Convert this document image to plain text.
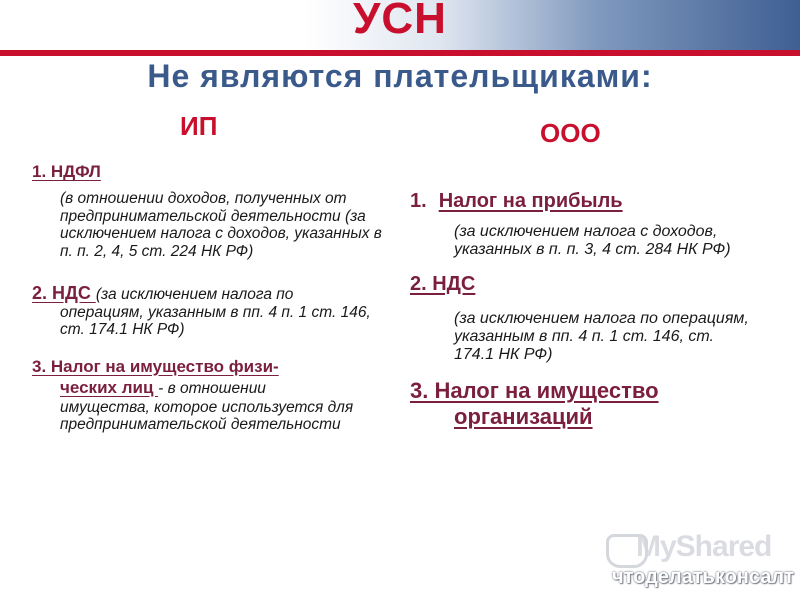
УСН
Не являются плательщиками:
ИП	ООО
1. НДФЛ
(в отношении доходов, полученных от предпринимательской деятельности (за исключением налога с доходов, указанных в п. п. 2, 4, 5 ст. 224 НК РФ)
2. НДС (за исключением налога по
операциям, указанным в пп. 4 п. 1 ст. 146, ст. 174.1 НК РФ)
3. Налог на имущество физи-
ческих лиц - в отношении
имущества, которое используется для предпринимательской деятельности
1. Налог на прибыль
(за исключением налога с доходов, указанных в п. п. 3, 4 ст. 284 НК РФ)
2. НДС
(за исключением налога по операциям, указанным в пп. 4 п. 1 ст. 146, ст. 174.1 НК РФ)
3. Налог на имущество
организаций
MyShared
чтоделатьконсалт
